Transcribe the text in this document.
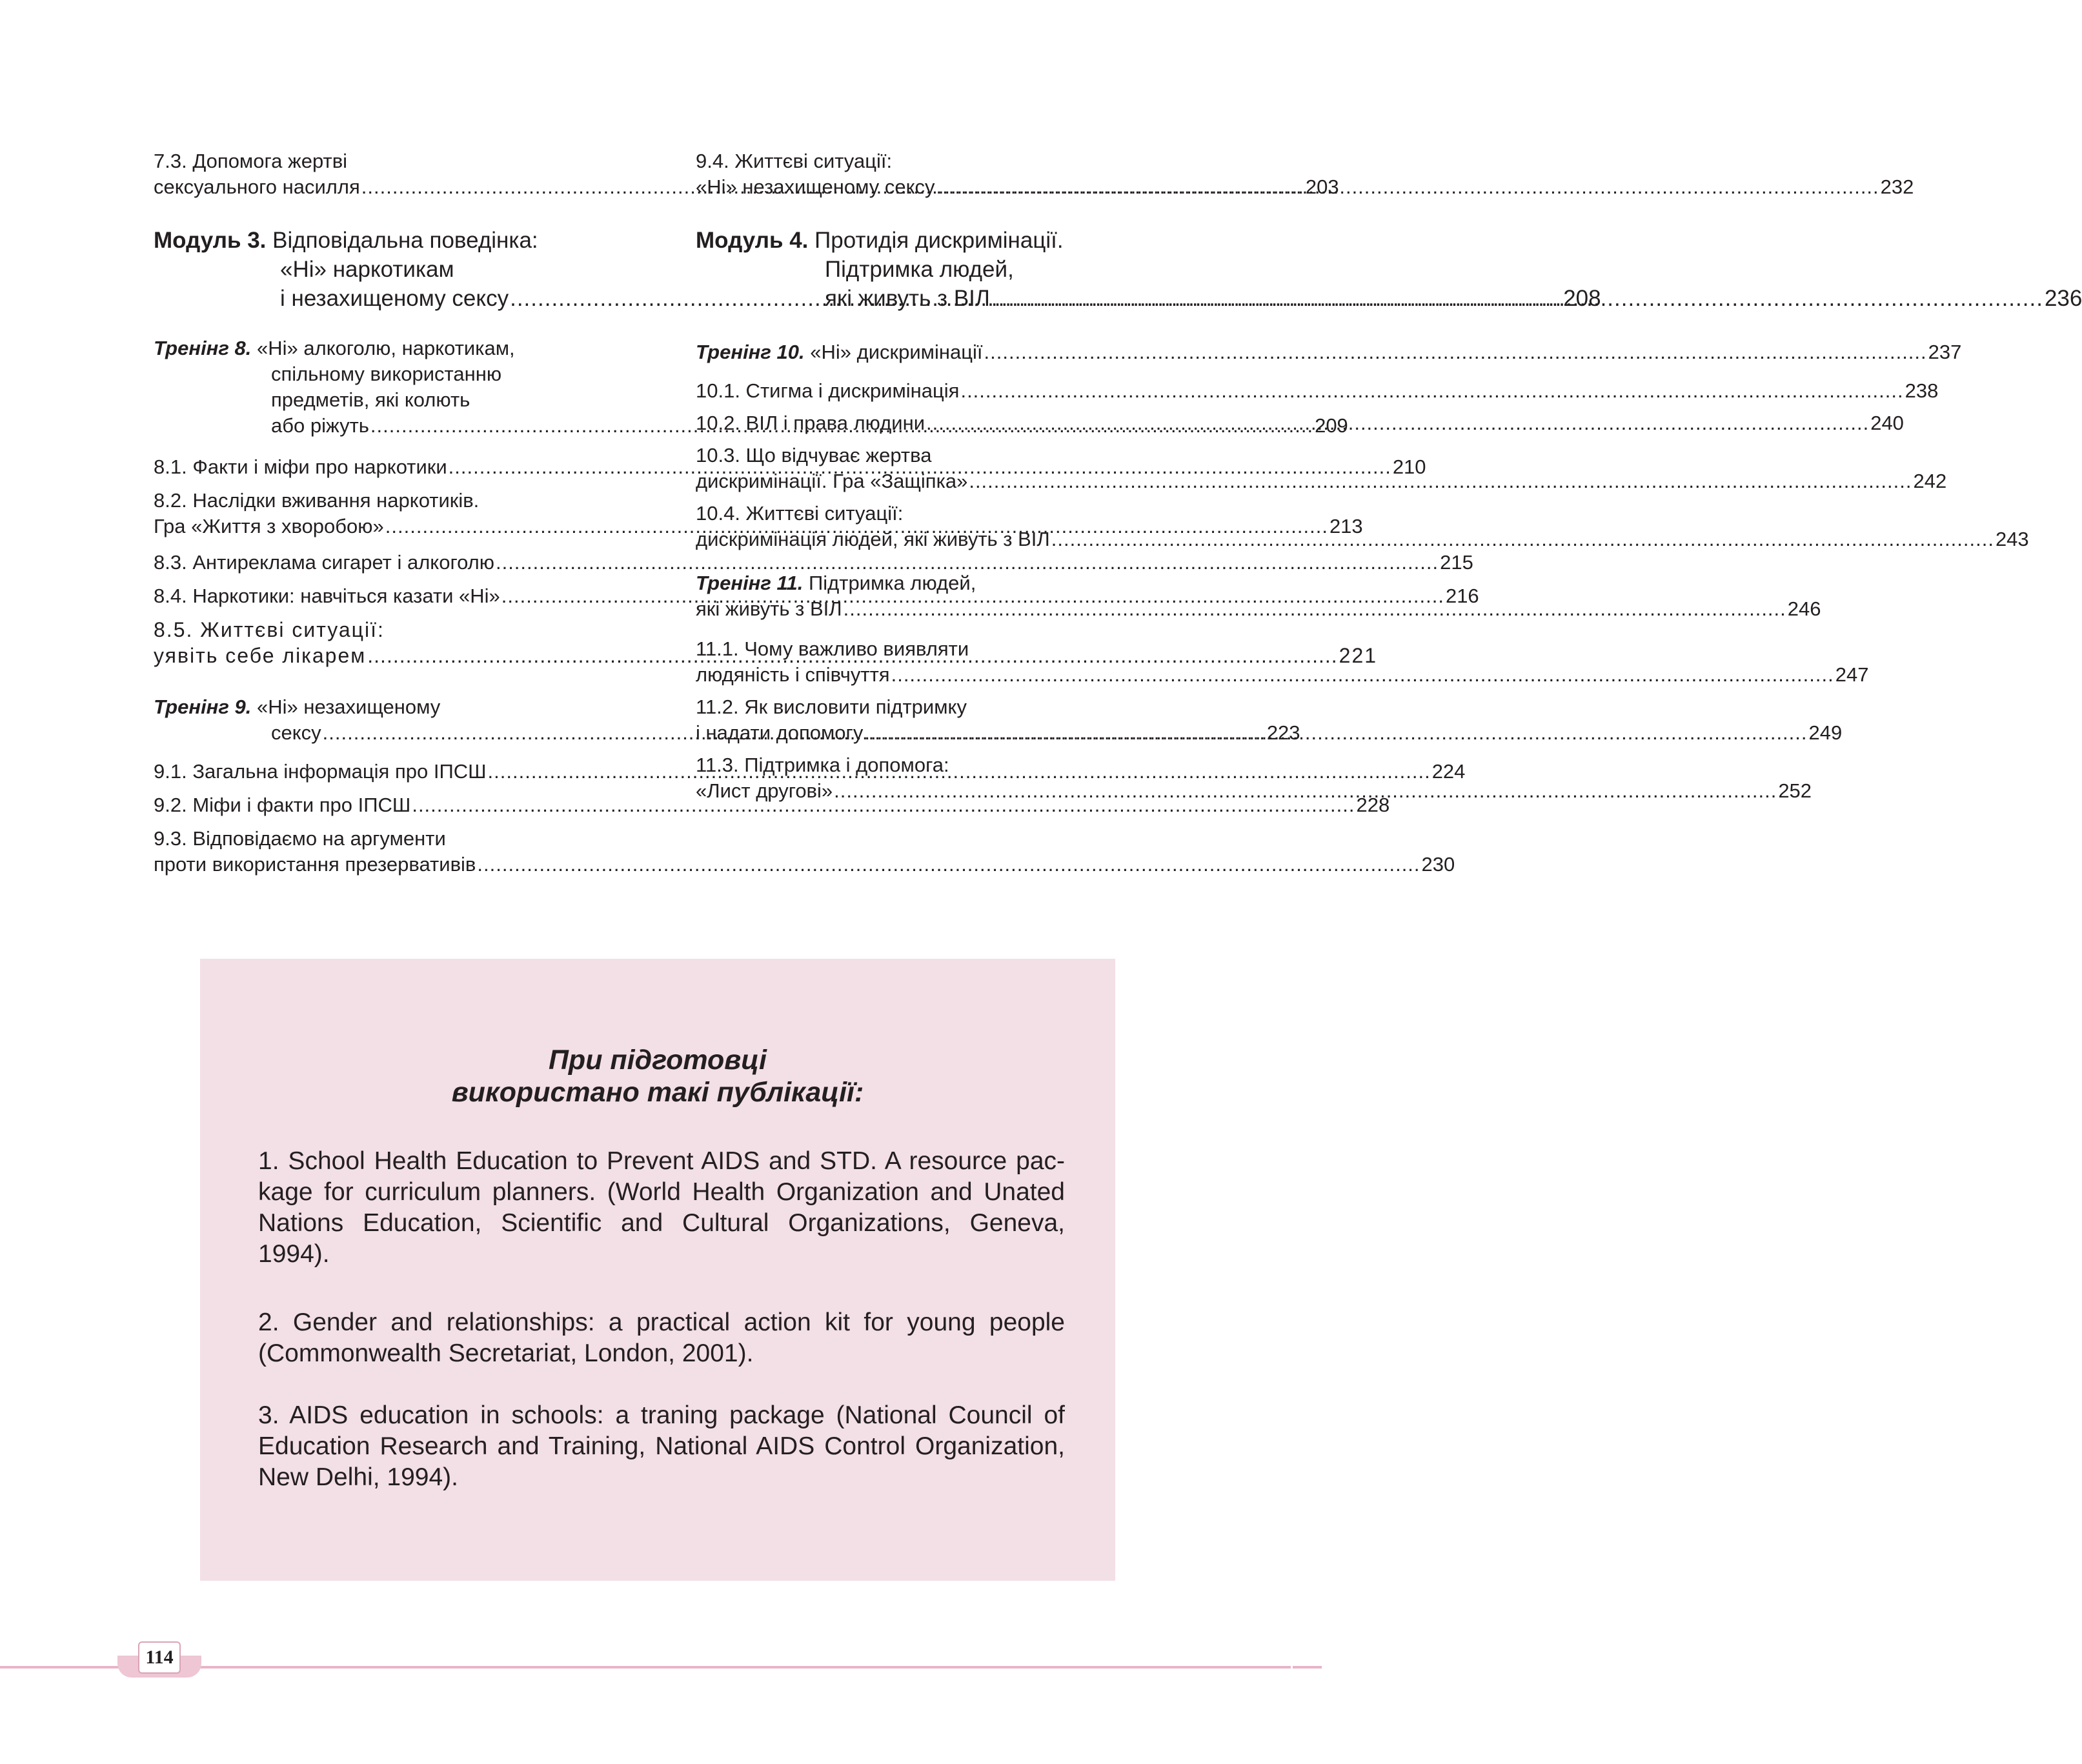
7.3. Допомога жертві
сексуального насилля .....	203
Модуль 3. Відповідальна поведінка:
«Ні» наркотикам
і незахищеному сексу .....	208
Тренінг 8. «Ні» алкоголю, наркотикам,
спільному використанню
предметів, які колють
або ріжуть .....	209
8.1. Факти і міфи про наркотики .....	210
8.2. Наслідки вживання наркотиків.
Гра «Життя з хворобою» .....	213
8.3. Антиреклама сигарет і алкоголю .....	215
8.4. Наркотики: навчіться казати «Ні» .....	216
8.5. Життєві ситуації:
уявіть себе лікарем .....	221
Тренінг 9. «Ні» незахищеному
сексу .....	223
9.1. Загальна інформація про ІПСШ .....	224
9.2. Міфи і факти про ІПСШ .....	228
9.3. Відповідаємо на аргументи
проти використання презервативів .....	230
9.4. Життєві ситуації:
«Ні» незахищеному сексу .....	232
Модуль 4. Протидія дискримінації.
Підтримка людей,
які живуть з ВІЛ .....	236
Тренінг 10. «Ні» дискримінації .....	237
10.1. Стигма і дискримінація .....	238
10.2. ВІЛ і права людини .....	240
10.3. Що відчуває жертва
дискримінації. Гра «Защіпка» .....	242
10.4. Життєві ситуації:
дискримінація людей, які живуть з ВІЛ .....	243
Тренінг 11. Підтримка людей,
які живуть з ВІЛ .....	246
11.1. Чому важливо виявляти
людяність і співчуття .....	247
11.2. Як висловити підтримку
і надати допомогу .....	249
11.3. Підтримка і допомога:
«Лист другові» .....	252
При підготовці
використано такі публікації:
1. School Health Education to Prevent AIDS and STD. A resource pac-
kage for curriculum planners. (World Health Organization and Unated
Nations Education, Scientific and Cultural Organizations, Geneva,
1994).
2. Gender and relationships: a practical action kit for young people
(Commonwealth Secretariat, London, 2001).
3. AIDS education in schools: a traning package (National Council of
Education Research and Training, National AIDS Control Organization,
New Delhi, 1994).
114
